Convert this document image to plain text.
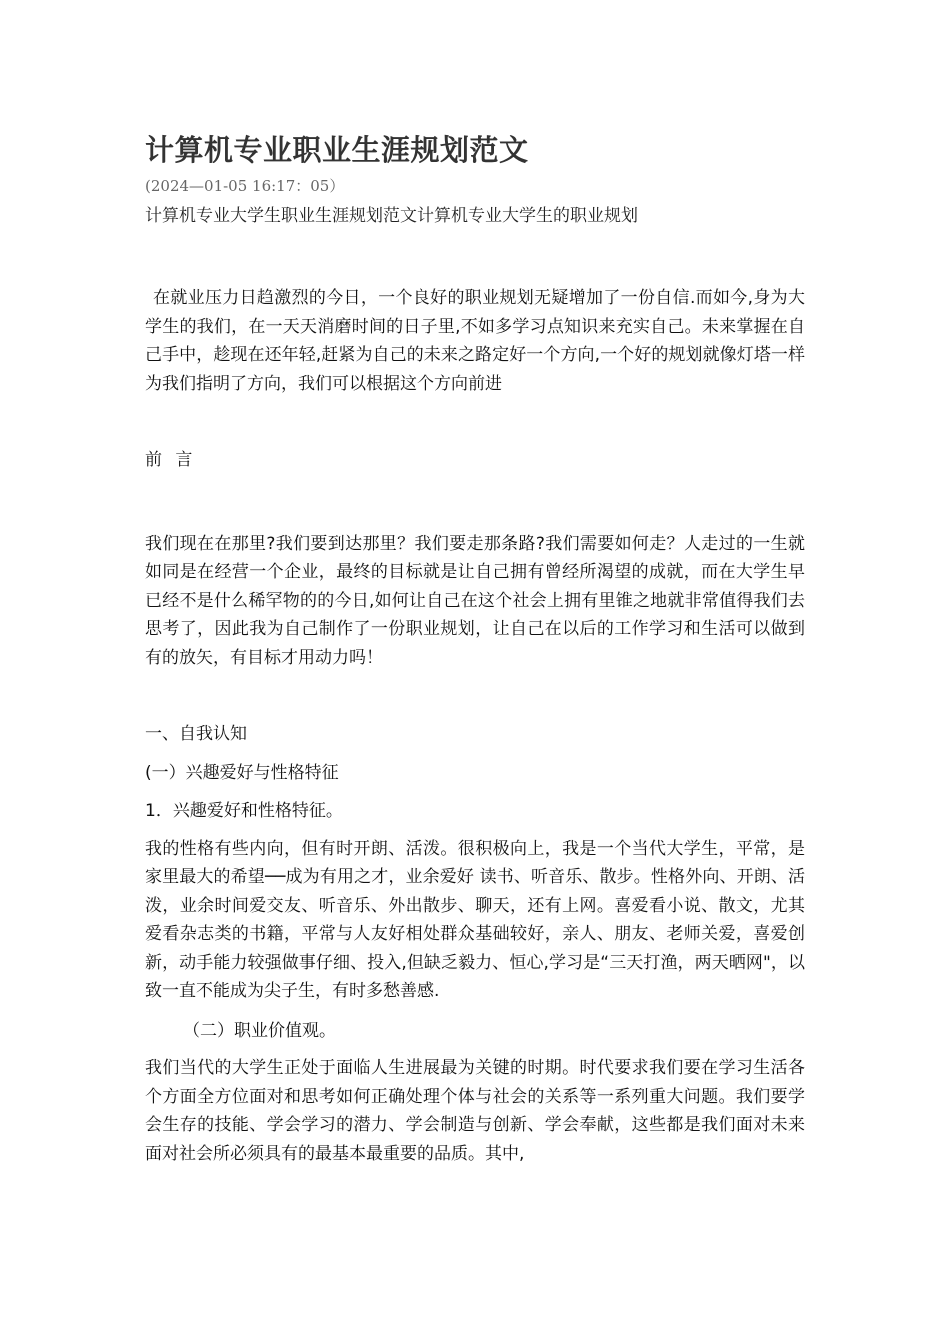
计算机专业职业生涯规划范文
(2024—01-05 16:17：05）
计算机专业大学生职业生涯规划范文计算机专业大学生的职业规划

在就业压力日趋激烈的今日，一个良好的职业规划无疑增加了一份自信.而如今,身为大学生的我们，在一天天消磨时间的日子里,不如多学习点知识来充实自己。未来掌握在自己手中，趁现在还年轻,赶紧为自己的未来之路定好一个方向,一个好的规划就像灯塔一样为我们指明了方向，我们可以根据这个方向前进

前 言

我们现在在那里?我们要到达那里？我们要走那条路?我们需要如何走？人走过的一生就如同是在经营一个企业，最终的目标就是让自己拥有曾经所渴望的成就，而在大学生早已经不是什么稀罕物的的今日,如何让自己在这个社会上拥有里锥之地就非常值得我们去思考了，因此我为自己制作了一份职业规划，让自己在以后的工作学习和生活可以做到有的放矢，有目标才用动力吗！

一、自我认知

(一）兴趣爱好与性格特征

1．兴趣爱好和性格特征。

我的性格有些内向，但有时开朗、活泼。很积极向上，我是一个当代大学生，平常，是家里最大的希望──成为有用之才，业余爱好 读书、听音乐、散步。性格外向、开朗、活泼，业余时间爱交友、听音乐、外出散步、聊天，还有上网。喜爱看小说、散文，尤其爱看杂志类的书籍，平常与人友好相处群众基础较好，亲人、朋友、老师关爱，喜爱创新，动手能力较强做事仔细、投入,但缺乏毅力、恒心,学习是“三天打渔，两天晒网"，以致一直不能成为尖子生，有时多愁善感.

（二）职业价值观。

我们当代的大学生正处于面临人生进展最为关键的时期。时代要求我们要在学习生活各个方面全方位面对和思考如何正确处理个体与社会的关系等一系列重大问题。我们要学会生存的技能、学会学习的潜力、学会制造与创新、学会奉献，这些都是我们面对未来面对社会所必须具有的最基本最重要的品质。其中,
